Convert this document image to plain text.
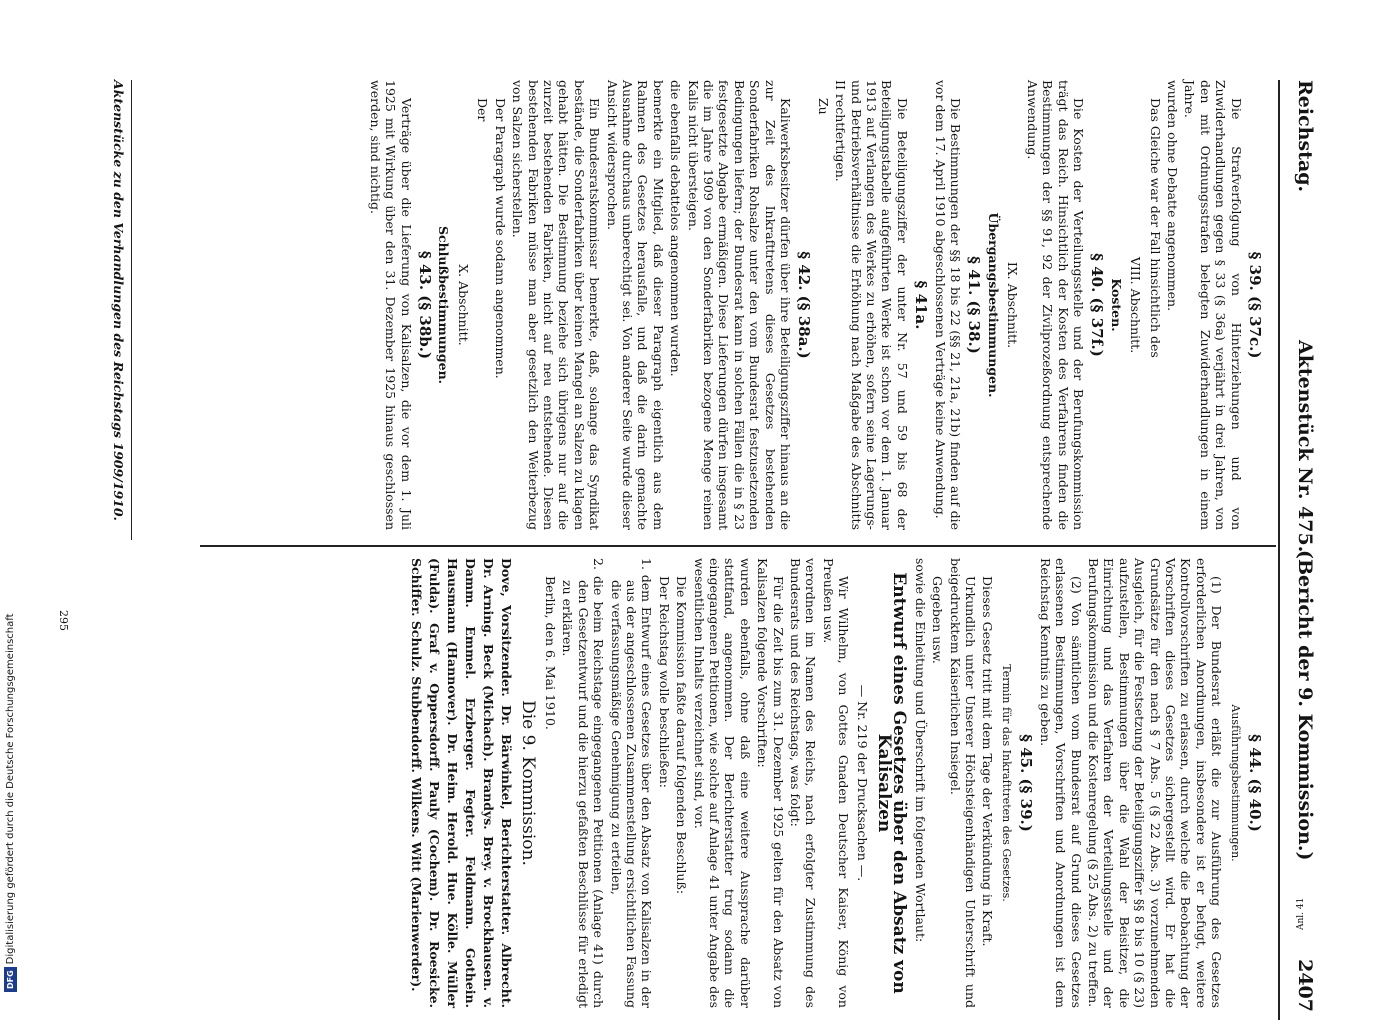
Reichstag.
Aktenstück Nr. 475.
(Bericht der 9. Kommission.)
2407

§ 39. (§ 37c.)

Die Strafverfolgung von Hinterziehungen und von Zuwiderhandlungen gegen § 33 (§ 36a) verjährt in drei Jahren, von den mit Ordnungsstrafen belegten Zuwiderhandlungen in einem Jahre.

wurden ohne Debatte angenommen.

Das Gleiche war der Fall hinsichtlich des

VIII. Abschnitt.

Kosten.

§ 40. (§ 37f.)

Die Kosten der Verteilungsstelle und der Berufungskommission trägt das Reich. Hinsichtlich der Kosten des Verfahrens finden die Bestimmungen der §§ 91, 92 der Zivilprozeßordnung entsprechende Anwendung.

IX. Abschnitt.

Übergangsbestimmungen.

§ 41. (§ 38.)

Die Bestimmungen der §§ 18 bis 22 (§§ 21, 21a, 21b) finden auf die vor dem 17. April 1910 abgeschlossenen Verträge keine Anwendung.

§ 41a.

Die Beteiligungsziffer der unter Nr. 57 und 59 bis 68 der Beteiligungstabelle aufgeführten Werke ist schon vor dem 1. Januar 1913 auf Verlangen des Werkes zu erhöhen, sofern seine Lagerungs- und Betriebsverhältnisse die Erhöhung nach Maßgabe des Abschnitts II rechtfertigen.

Zu

§ 42. (§ 38a.)

Kaliwerksbesitzer dürfen über ihre Beteiligungsziffer hinaus an die zur Zeit des Inkrafttretens dieses Gesetzes bestehenden Sonderfabriken Rohsalze unter den vom Bundesrat festzusetzenden Bedingungen liefern; der Bundesrat kann in solchen Fällen die in § 23 festgesetzte Abgabe ermäßigen. Diese Lieferungen dürfen insgesamt die im Jahre 1909 von den Sonderfabriken bezogene Menge reinen Kalis nicht übersteigen.

die ebenfalls debattelos angenommen wurden.

bemerkte ein Mitglied, daß dieser Paragraph eigentlich aus dem Rahmen des Gesetzes herausfalle, und daß die darin gemachte Ausnahme durchaus unberechtigt sei. Von anderer Seite wurde dieser Ansicht widersprochen.

Ein Bundesratskommissar bemerkte, daß, solange das Syndikat bestände, die Sonderfabriken über keinen Mangel an Salzen zu klagen gehabt hätten. Die Bestimmung beziehe sich übrigens nur auf die zurzeit bestehenden Fabriken, nicht auf neu entstehende. Diesen bestehenden Fabriken müsse man aber gesetzlich den Weiterbezug von Salzen sicherstellen.

Der Paragraph wurde sodann angenommen.

Der

X. Abschnitt.

Schlußbestimmungen.

§ 43. (§ 38b.)

Verträge über die Lieferung von Kalisalzen, die vor dem 1. Juli 1925 mit Wirkung über den 31. Dezember 1925 hinaus geschlossen werden, sind nichtig.

§ 44. (§ 40.)

Ausführungsbestimmungen.

(1) Der Bundesrat erläßt die zur Ausführung des Gesetzes erforderlichen Anordnungen, insbesondere ist er befugt, weitere Kontrollvorschriften zu erlassen, durch welche die Beobachtung der Vorschriften dieses Gesetzes sichergestellt wird. Er hat die Grundsätze für den nach § 7 Abs. 5 (§ 22 Abs. 3) vorzunehmenden Ausgleich, für die Festsetzung der Beteiligungsziffer §§ 8 bis 10 (§ 23) aufzustellen, Bestimmungen über die Wahl der Beisitzer, die Einrichtung und das Verfahren der Verteilungsstelle und der Berufungskommission und die Kostenregelung (§ 25 Abs. 2) zu treffen.

(2) Von sämtlichen vom Bundesrat auf Grund dieses Gesetzes erlassenen Bestimmungen, Vorschriften und Anordnungen ist dem Reichstag Kenntnis zu geben.

§ 45. (§ 39.)

Termin für das Inkrafttreten des Gesetzes.

Dieses Gesetz tritt mit dem Tage der Verkündung in Kraft.

Urkundlich unter Unserer Höchsteigenhändigen Unterschrift und beigedrucktem Kaiserlichen Insiegel.

Gegeben usw.

sowie die Einleitung und Überschrift im folgenden Wortlaut:

Entwurf eines Gesetzes über den Absatz von Kalisalzen

— Nr. 219 der Drucksachen —.

Wir Wilhelm, von Gottes Gnaden Deutscher Kaiser, König von Preußen usw.

verordnen im Namen des Reichs, nach erfolgter Zustimmung des Bundesrats und des Reichstags, was folgt:

Für die Zeit bis zum 31. Dezember 1925 gelten für den Absatz von Kalisalzen folgende Vorschriften:

wurden ebenfalls, ohne daß eine weitere Aussprache darüber stattfand, angenommen. Der Berichterstatter trug sodann die eingegangenen Petitionen, wie solche auf Anlage 41 unter Angabe des wesentlichen Inhalts verzeichnet sind, vor.

Die Kommission faßte darauf folgenden Beschluß:

Der Reichstag wolle beschließen:

1. dem Entwurf eines Gesetzes über den Absatz von Kalisalzen in der aus der angeschlossenen Zusammenstellung ersichtlichen Fassung die verfassungsmäßige Genehmigung zu erteilen,

2. die beim Reichstage eingegangenen Petitionen (Anlage 41) durch den Gesetzentwurf und die hierzu gefaßten Beschlüsse für erledigt zu erklären.

Berlin, den 6. Mai 1910.

Die 9. Kommission.

Dove, Vorsitzender. Dr. Bärwinkel, Berichterstatter. Albrecht. Dr. Arning. Beck (Michach). Brandys. Brey. v. Brockhausen. v. Damm. Emmel. Erzberger. Fegter. Feldmann. Gothein. Hausmann (Hannover). Dr. Heim. Herold. Hue. Kölle. Müller (Fulda). Graf v. Oppersdorff. Pauly (Cochem). Dr. Roesicke. Schiffer. Schulz. Stubbendorff. Wilkens. Witt (Marienwerder).

Aktenstücke zu den Verhandlungen des Reichstags 1909/1910.
295
Anl. 41
DFG
Digitalisierung gefördert durch die Deutsche Forschungsgemeinschaft
